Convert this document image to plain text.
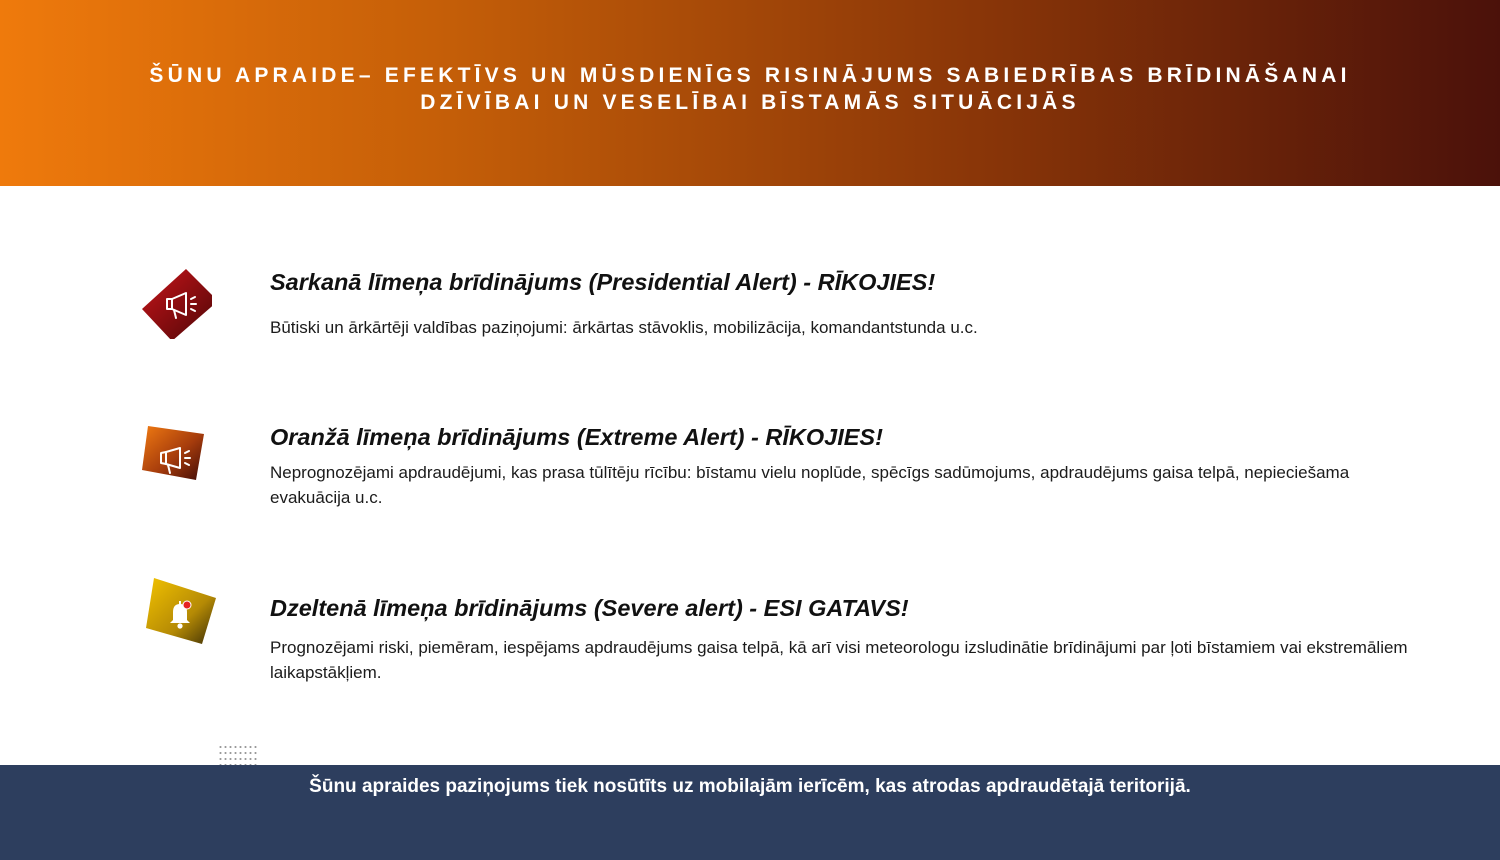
ŠŪNU APRAIDE– EFEKTĪVS UN MŪSDIENĪGS RISINĀJUMS SABIEDRĪBAS BRĪDINĀŠANAI
DZĪVĪBAI UN VESELĪBAI BĪSTAMĀS SITUĀCIJĀS
Sarkanā līmeņa brīdinājums (Presidential Alert) - RĪKOJIES!

Būtiski un ārkārtēji valdības paziņojumi: ārkārtas stāvoklis, mobilizācija, komandantstunda u.c.

Oranžā līmeņa brīdinājums (Extreme Alert) - RĪKOJIES!

Neprognozējami apdraudējumi, kas prasa tūlītēju rīcību: bīstamu vielu noplūde, spēcīgs sadūmojums, apdraudējums gaisa telpā, nepieciešama evakuācija u.c.

Dzeltenā līmeņa brīdinājums (Severe alert) - ESI GATAVS!

Prognozējami riski, piemēram, iespējams apdraudējums gaisa telpā, kā arī visi meteorologu izsludinātie brīdinājumi par ļoti bīstamiem vai ekstremāliem laikapstākļiem.

Šūnu apraides paziņojums tiek nosūtīts uz mobilajām ierīcēm, kas atrodas apdraudētajā teritorijā.
